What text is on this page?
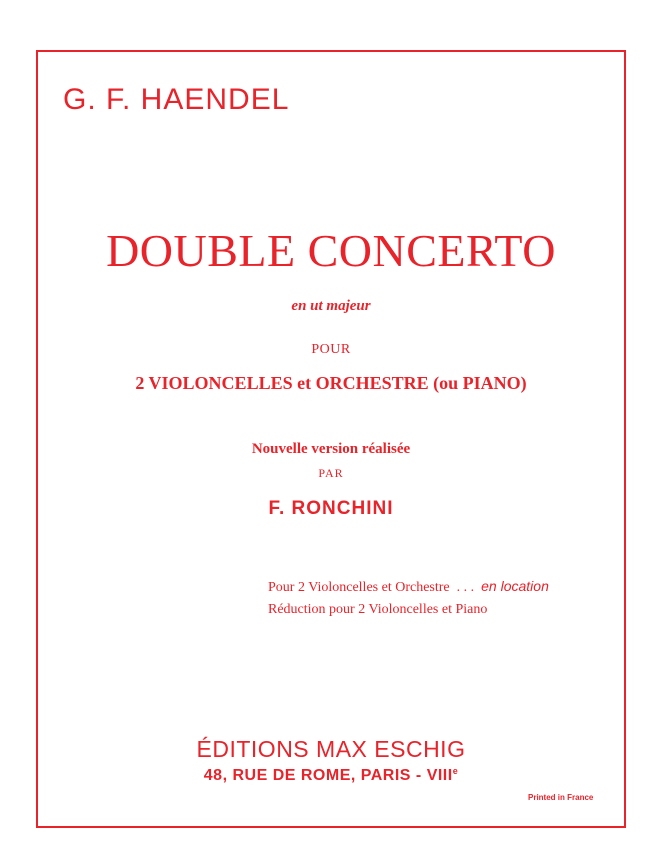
G. F. HAENDEL
DOUBLE CONCERTO
en ut majeur
POUR
2 VIOLONCELLES et ORCHESTRE (ou PIANO)
Nouvelle version réalisée
PAR
F. RONCHINI
Pour 2 Violoncelles et Orchestre . . . en location
Réduction pour 2 Violoncelles et Piano
ÉDITIONS MAX ESCHIG
48, RUE DE ROME, PARIS - VIIIe
Printed in France
